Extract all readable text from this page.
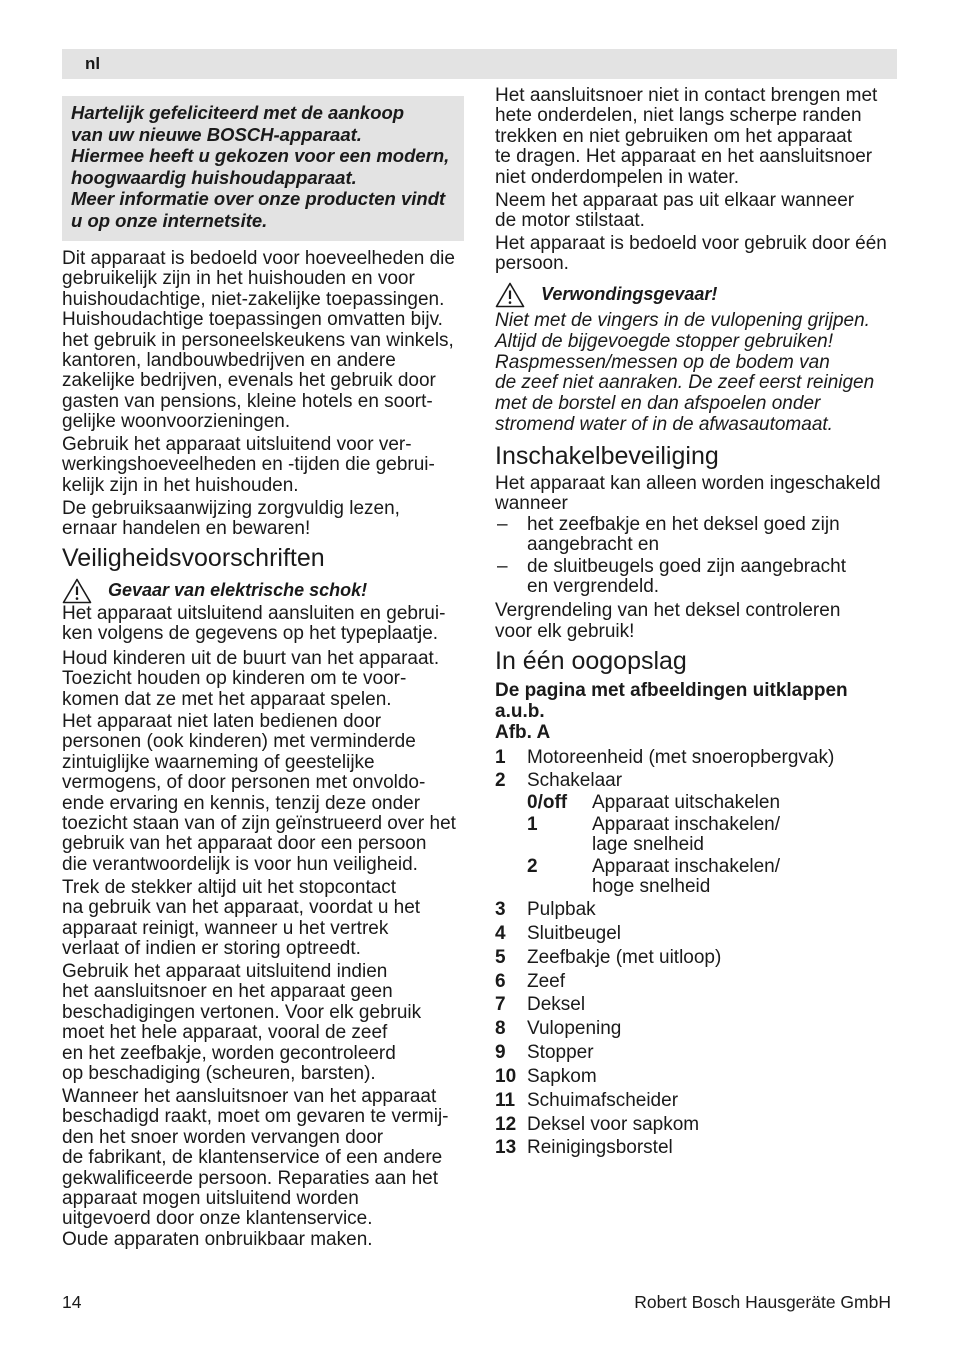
nl
Hartelijk gefeliciteerd met de aankoop
van uw nieuwe BOSCH-apparaat.
Hiermee heeft u gekozen voor een modern,
hoogwaardig huishoudapparaat.
Meer informatie over onze producten vindt
u op onze internetsite.
Dit apparaat is bedoeld voor hoeveelheden die
gebruikelijk zijn in het huishouden en voor
huishoudachtige, niet-zakelijke toepassingen.
Huishoudachtige toepassingen omvatten bijv.
het gebruik in personeelskeukens van winkels,
kantoren, landbouwbedrijven en andere
zakelijke bedrijven, evenals het gebruik door
gasten van pensions, kleine hotels en soort-
gelijke woonvoorzieningen.
Gebruik het apparaat uitsluitend voor ver-
werkingshoeveelheden en -tijden die gebrui-
kelijk zijn in het huishouden.
De gebruiksaanwijzing zorgvuldig lezen,
ernaar handelen en bewaren!
Veiligheidsvoorschriften
Gevaar van elektrische schok!
Het apparaat uitsluitend aansluiten en gebrui-
ken volgens de gegevens op het typeplaatje.
Houd kinderen uit de buurt van het apparaat.
Toezicht houden op kinderen om te voor-
komen dat ze met het apparaat spelen.
Het apparaat niet laten bedienen door
personen (ook kinderen) met verminderde
zintuiglijke waarneming of geestelijke
vermogens, of door personen met onvoldo-
ende ervaring en kennis, tenzij deze onder
toezicht staan van of zijn geïnstrueerd over het
gebruik van het apparaat door een persoon
die verantwoordelijk is voor hun veiligheid.
Trek de stekker altijd uit het stopcontact
na gebruik van het apparaat, voordat u het
apparaat reinigt, wanneer u het vertrek
verlaat of indien er storing optreedt.
Gebruik het apparaat uitsluitend indien
het aansluitsnoer en het apparaat geen
beschadigingen vertonen. Voor elk gebruik
moet het hele apparaat, vooral de zeef
en het zeefbakje, worden gecontroleerd
op beschadiging (scheuren, barsten).
Wanneer het aansluitsnoer van het apparaat
beschadigd raakt, moet om gevaren te vermij-
den het snoer worden vervangen door
de fabrikant, de klantenservice of een andere
gekwalificeerde persoon. Reparaties aan het
apparaat mogen uitsluitend worden
uitgevoerd door onze klantenservice.
Oude apparaten onbruikbaar maken.
Het aansluitsnoer niet in contact brengen met
hete onderdelen, niet langs scherpe randen
trekken en niet gebruiken om het apparaat
te dragen. Het apparaat en het aansluitsnoer
niet onderdompelen in water.
Neem het apparaat pas uit elkaar wanneer
de motor stilstaat.
Het apparaat is bedoeld voor gebruik door één
persoon.
Verwondingsgevaar!
Niet met de vingers in de vulopening grijpen.
Altijd de bijgevoegde stopper gebruiken!
Raspmessen/messen op de bodem van
de zeef niet aanraken. De zeef eerst reinigen
met de borstel en dan afspoelen onder
stromend water of in de afwasautomaat.
Inschakelbeveiliging
Het apparaat kan alleen worden ingeschakeld
wanneer
–	het zeefbakje en het deksel goed zijn
aangebracht en
–	de sluitbeugels goed zijn aangebracht
en vergrendeld.
Vergrendeling van het deksel controleren
voor elk gebruik!
In één oogopslag
De pagina met afbeeldingen uitklappen
a.u.b.
Afb. A
1	Motoreenheid (met snoeropbergvak)
2	Schakelaar
0/off	Apparaat uitschakelen
1	Apparaat inschakelen/
lage snelheid
2	Apparaat inschakelen/
hoge snelheid
3	Pulpbak
4	Sluitbeugel
5	Zeefbakje (met uitloop)
6	Zeef
7	Deksel
8	Vulopening
9	Stopper
10 Sapkom
11 Schuimafscheider
12 Deksel voor sapkom
13 Reinigingsborstel
14	Robert Bosch Hausgeräte GmbH
